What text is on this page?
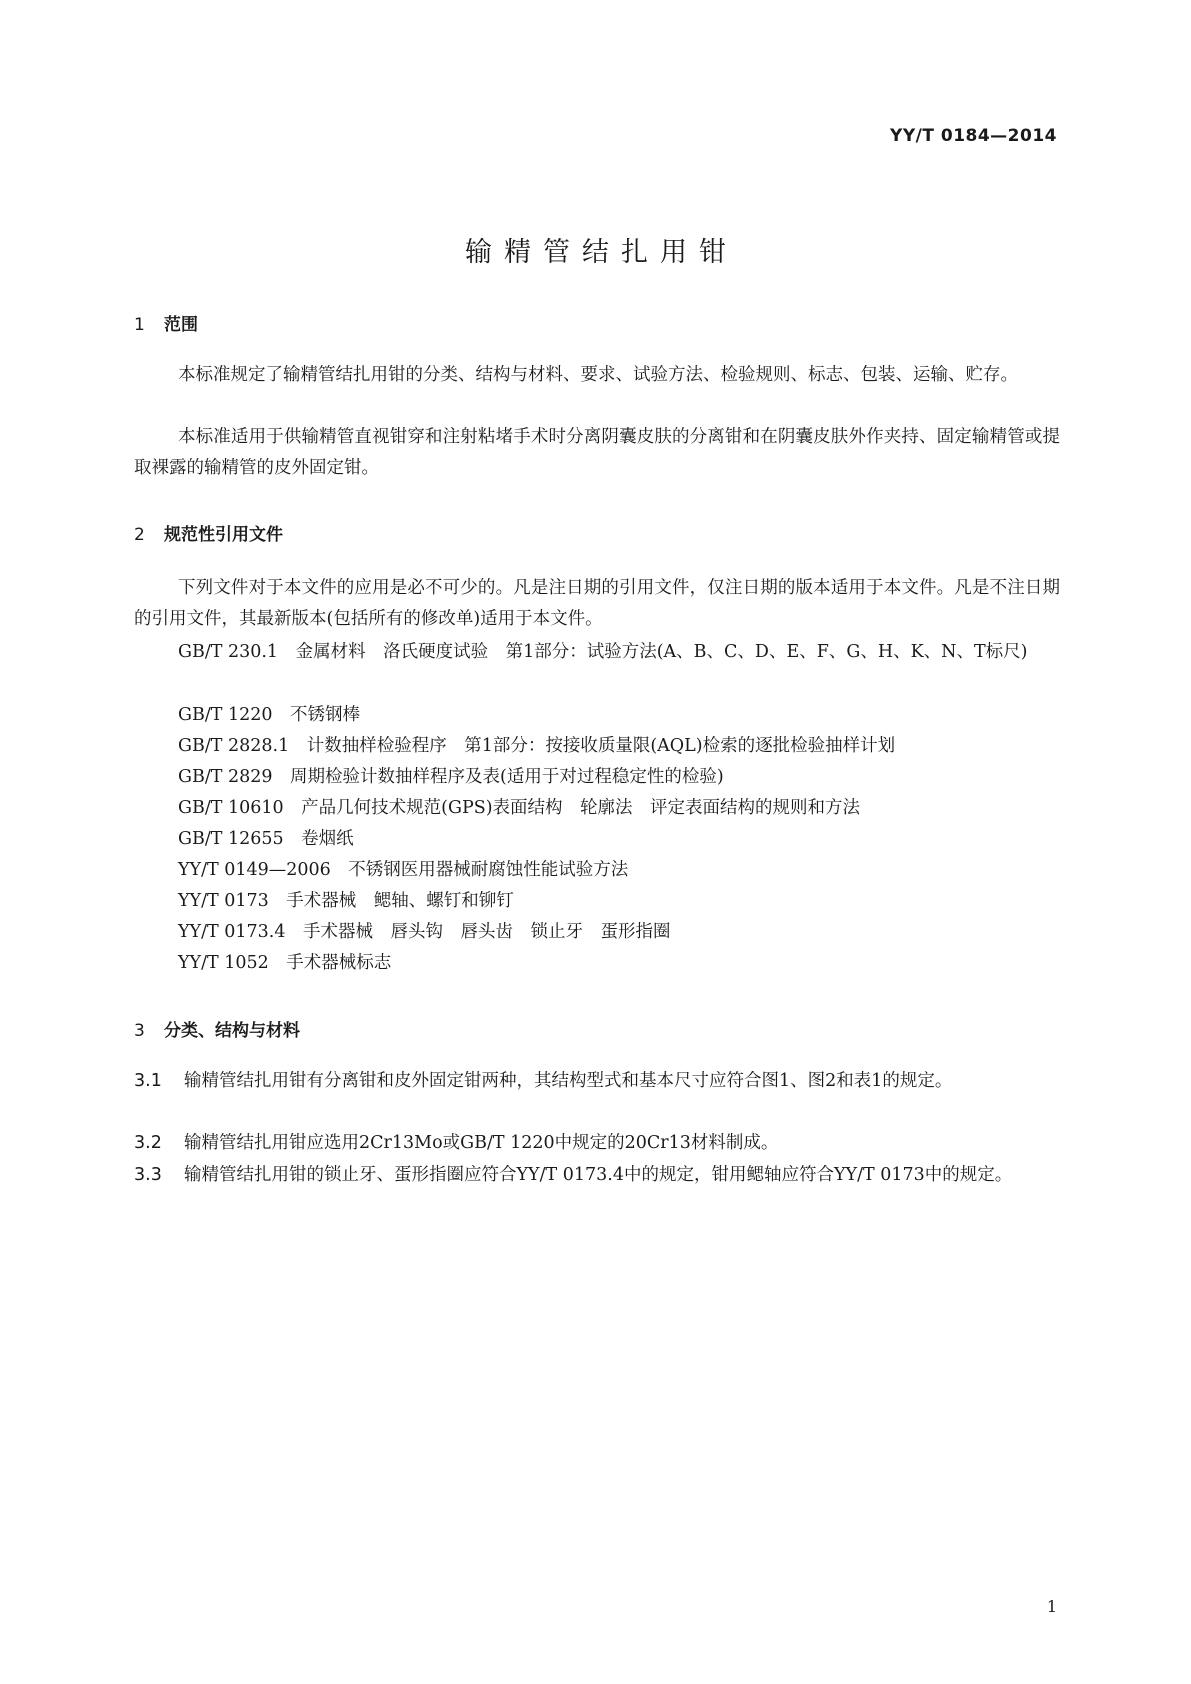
YY/T 0184—2014
输精管结扎用钳
1 范围
本标准规定了输精管结扎用钳的分类、结构与材料、要求、试验方法、检验规则、标志、包装、运输、贮存。
本标准适用于供输精管直视钳穿和注射粘堵手术时分离阴囊皮肤的分离钳和在阴囊皮肤外作夹持、固定输精管或提取裸露的输精管的皮外固定钳。
2 规范性引用文件
下列文件对于本文件的应用是必不可少的。凡是注日期的引用文件，仅注日期的版本适用于本文件。凡是不注日期的引用文件，其最新版本(包括所有的修改单)适用于本文件。
GB/T 230.1　金属材料　洛氏硬度试验　第1部分：试验方法(A、B、C、D、E、F、G、H、K、N、T标尺)
GB/T 1220　不锈钢棒
GB/T 2828.1　计数抽样检验程序　第1部分：按接收质量限(AQL)检索的逐批检验抽样计划
GB/T 2829　周期检验计数抽样程序及表(适用于对过程稳定性的检验)
GB/T 10610　产品几何技术规范(GPS)表面结构　轮廓法　评定表面结构的规则和方法
GB/T 12655　卷烟纸
YY/T 0149—2006　不锈钢医用器械耐腐蚀性能试验方法
YY/T 0173　手术器械　鳃轴、螺钉和铆钉
YY/T 0173.4　手术器械　唇头钩　唇头齿　锁止牙　蛋形指圈
YY/T 1052　手术器械标志
3 分类、结构与材料
3.1 输精管结扎用钳有分离钳和皮外固定钳两种，其结构型式和基本尺寸应符合图1、图2和表1的规定。
3.2 输精管结扎用钳应选用2Cr13Mo或GB/T 1220中规定的20Cr13材料制成。
3.3 输精管结扎用钳的锁止牙、蛋形指圈应符合YY/T 0173.4中的规定，钳用鳃轴应符合YY/T 0173中的规定。
1
